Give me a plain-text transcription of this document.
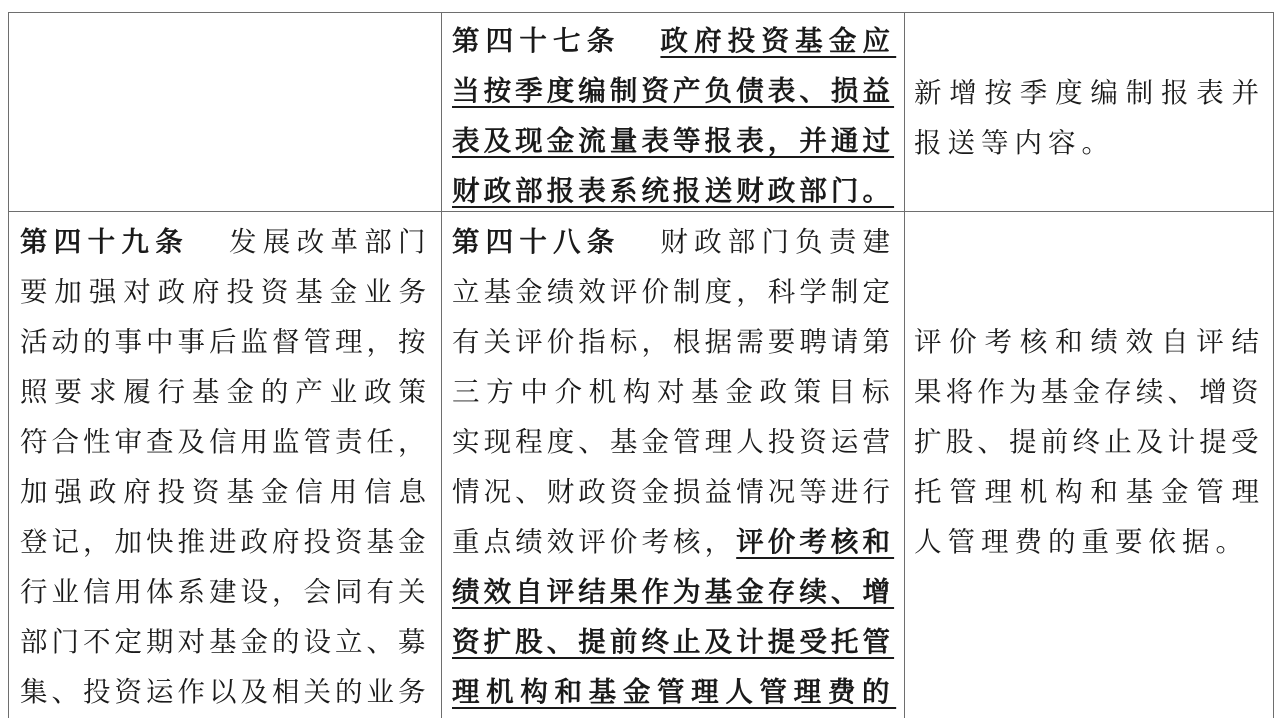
第四十七条 政府投资基金应
当按季度编制资产负债表、损益
表及现金流量表等报表，并通过
财政部报表系统报送财政部门。
新增按季度编制报表并
报送等内容。
第四十九条 发展改革部门
要加强对政府投资基金业务
活动的事中事后监督管理，按
照要求履行基金的产业政策
符合性审查及信用监管责任，
加强政府投资基金信用信息
登记，加快推进政府投资基金
行业信用体系建设，会同有关
部门不定期对基金的设立、募
集、投资运作以及相关的业务
第四十八条 财政部门负责建
立基金绩效评价制度，科学制定
有关评价指标，根据需要聘请第
三方中介机构对基金政策目标
实现程度、基金管理人投资运营
情况、财政资金损益情况等进行
重点绩效评价考核，评价考核和
绩效自评结果作为基金存续、增
资扩股、提前终止及计提受托管
理机构和基金管理人管理费的
评价考核和绩效自评结
果将作为基金存续、增资
扩股、提前终止及计提受
托管理机构和基金管理
人管理费的重要依据。
